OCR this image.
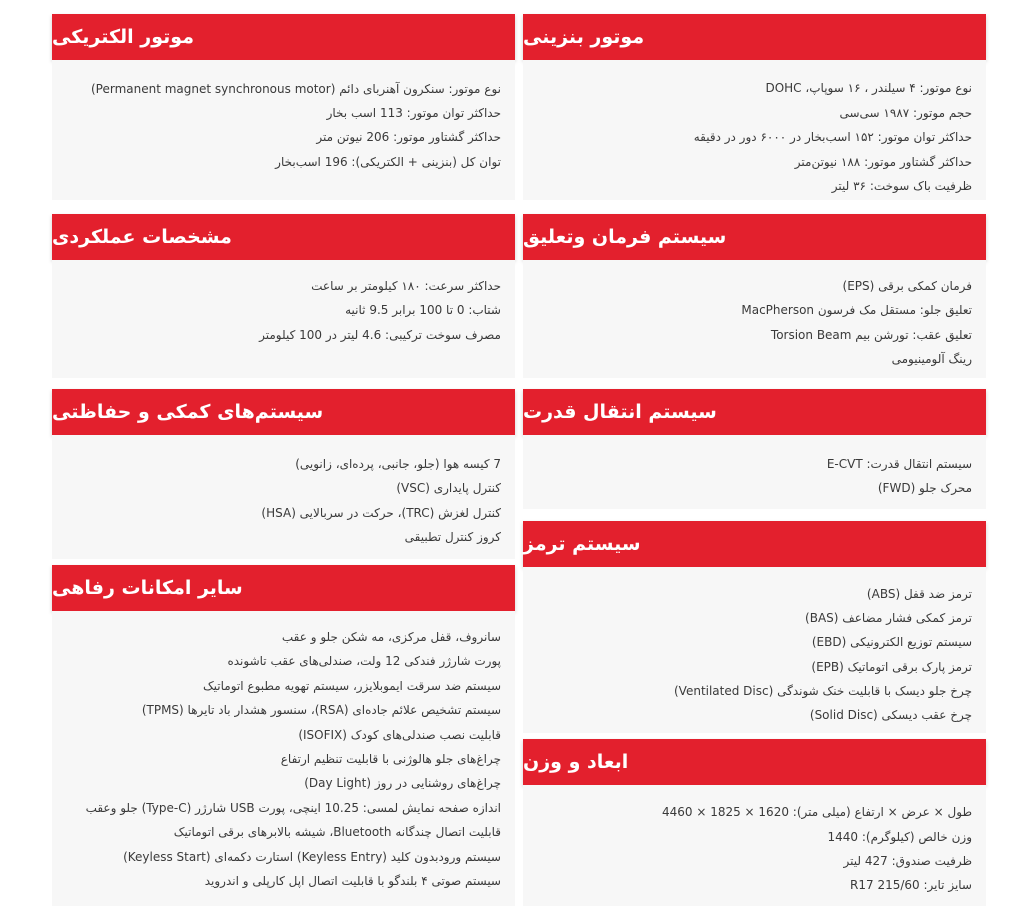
موتور بنزینی
نوع موتور: ۴ سیلندر ، ۱۶ سوپاپ، DOHC
حجم موتور: ۱۹۸۷ سی‌سی
حداکثر توان موتور: ۱۵۲ اسب‌بخار در ۶۰۰۰ دور در دقیقه
حداکثر گشتاور موتور: ۱۸۸ نیوتن‌متر
ظرفیت باک سوخت: ۳۶ لیتر
سیستم فرمان وتعلیق
فرمان کمکی برقی (EPS)
تعلیق جلو: مستقل مک فرسون MacPherson
تعلیق عقب: تورشن بیم Torsion Beam
رینگ آلومینیومی
سیستم انتقال قدرت
سیستم انتقال قدرت: E-CVT
محرک جلو (FWD)
سیستم ترمز
ترمز ضد قفل (ABS)
ترمز کمکی فشار مضاعف (BAS)
سیستم توزیع الکترونیکی (EBD)
ترمز پارک برقی اتوماتیک (EPB)
چرخ جلو دیسک با قابلیت خنک شوندگی (Ventilated Disc)
چرخ عقب دیسکی (Solid Disc)
ابعاد و وزن
طول × عرض × ارتفاع (میلی متر): 1620 × 1825 × 4460
وزن خالص (کیلوگرم): 1440
ظرفیت صندوق: 427 لیتر
سایز تایر: 215/60 R17
موتور الکتریکی
نوع موتور: سنکرون آهنربای دائم (Permanent magnet synchronous motor)
حداکثر توان موتور: 113 اسب بخار
حداکثر گشتاور موتور: 206 نیوتن متر
توان کل (بنزینی + الکتریکی): 196 اسب‌بخار
مشخصات عملکردی
حداکثر سرعت: ۱۸۰ کیلومتر بر ساعت
شتاب: 0 تا 100 برابر 9.5 ثانیه
مصرف سوخت ترکیبی: 4.6 لیتر در 100 کیلومتر
سیستم‌های کمکی و حفاظتی
7 کیسه هوا (جلو، جانبی، پرده‌ای، زانویی)
کنترل پایداری (VSC)
کنترل لغزش (TRC)، حرکت در سربالایی (HSA)
کروز کنترل تطبیقی
سایر امکانات رفاهی
سانروف، قفل مرکزی، مه شکن جلو و عقب
پورت شارژر فندکی 12 ولت، صندلی‌های عقب تاشونده
سیستم ضد سرقت ایموبلایزر، سیستم تهویه مطبوع اتوماتیک
سیستم تشخیص علائم جاده‌ای (RSA)، سنسور هشدار باد تایرها (TPMS)
قابلیت نصب صندلی‌های کودک (ISOFIX)
چراغ‌های جلو هالوژنی با قابلیت تنظیم ارتفاع
چراغ‌های روشنایی در روز (Day Light)
اندازه صفحه نمایش لمسی: 10.25 اینچی، پورت USB شارژر (Type-C) جلو وعقب
قابلیت اتصال چندگانه Bluetooth، شیشه بالابرهای برقی اتوماتیک
سیستم ورودبدون کلید (Keyless Entry) استارت دکمه‌ای (Keyless Start)
سیستم صوتی ۴ بلندگو با قابلیت اتصال اپل کارپلی و اندروید
